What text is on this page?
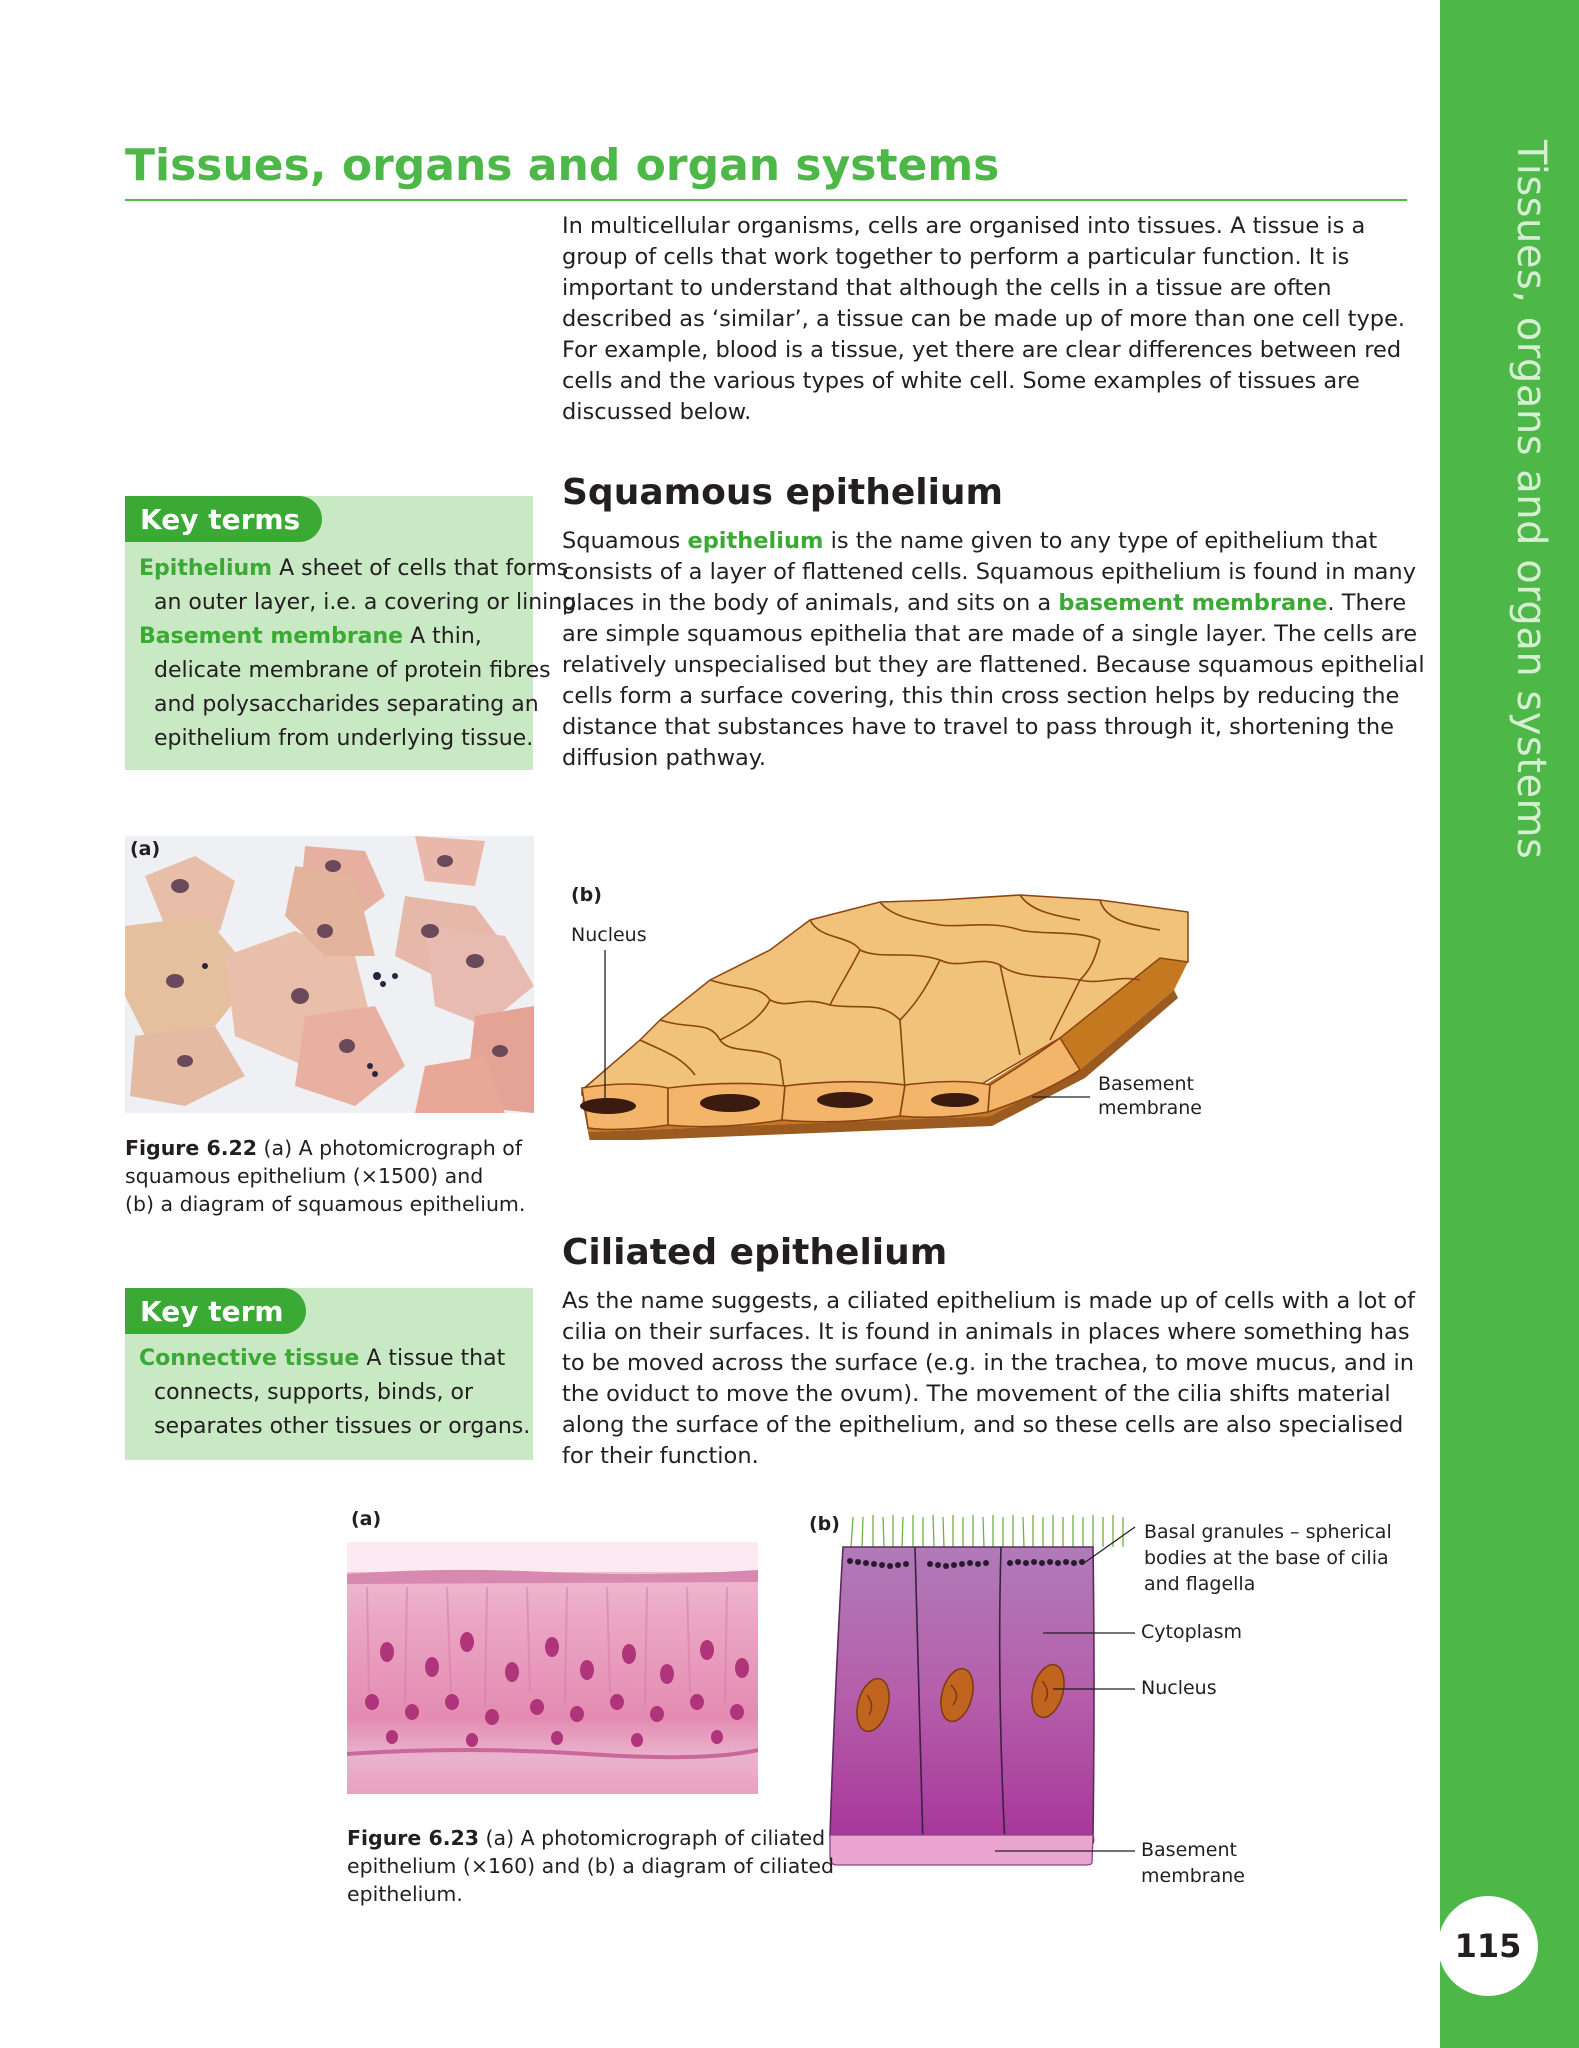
Tissues, organs and organ systems
115
Tissues, organs and organ systems
In multicellular organisms, cells are organised into tissues. A tissue is a
group of cells that work together to perform a particular function. It is
important to understand that although the cells in a tissue are often
described as ‘similar’, a tissue can be made up of more than one cell type.
For example, blood is a tissue, yet there are clear differences between red
cells and the various types of white cell. Some examples of tissues are
discussed below.
Key terms
Epithelium A sheet of cells that forms
an outer layer, i.e. a covering or lining.
Basement membrane A thin,
delicate membrane of protein fibres
and polysaccharides separating an
epithelium from underlying tissue.
Squamous epithelium
Squamous epithelium is the name given to any type of epithelium that
consists of a layer of flattened cells. Squamous epithelium is found in many
places in the body of animals, and sits on a basement membrane. There
are simple squamous epithelia that are made of a single layer. The cells are
relatively unspecialised but they are flattened. Because squamous epithelial
cells form a surface covering, this thin cross section helps by reducing the
distance that substances have to travel to pass through it, shortening the
diffusion pathway.
(a)
(b)
Nucleus
Basement
membrane
Figure 6.22 (a) A photomicrograph of
squamous epithelium (×1500) and
(b) a diagram of squamous epithelium.
Ciliated epithelium
As the name suggests, a ciliated epithelium is made up of cells with a lot of
cilia on their surfaces. It is found in animals in places where something has
to be moved across the surface (e.g. in the trachea, to move mucus, and in
the oviduct to move the ovum). The movement of the cilia shifts material
along the surface of the epithelium, and so these cells are also specialised
for their function.
Key term
Connective tissue A tissue that
connects, supports, binds, or
separates other tissues or organs.
(a)	(b)	Basal granules – spherical
bodies at the base of cilia
and flagella
Cytoplasm
Nucleus
Basement
membrane
Figure 6.23 (a) A photomicrograph of ciliated
epithelium (×160) and (b) a diagram of ciliated
epithelium.
